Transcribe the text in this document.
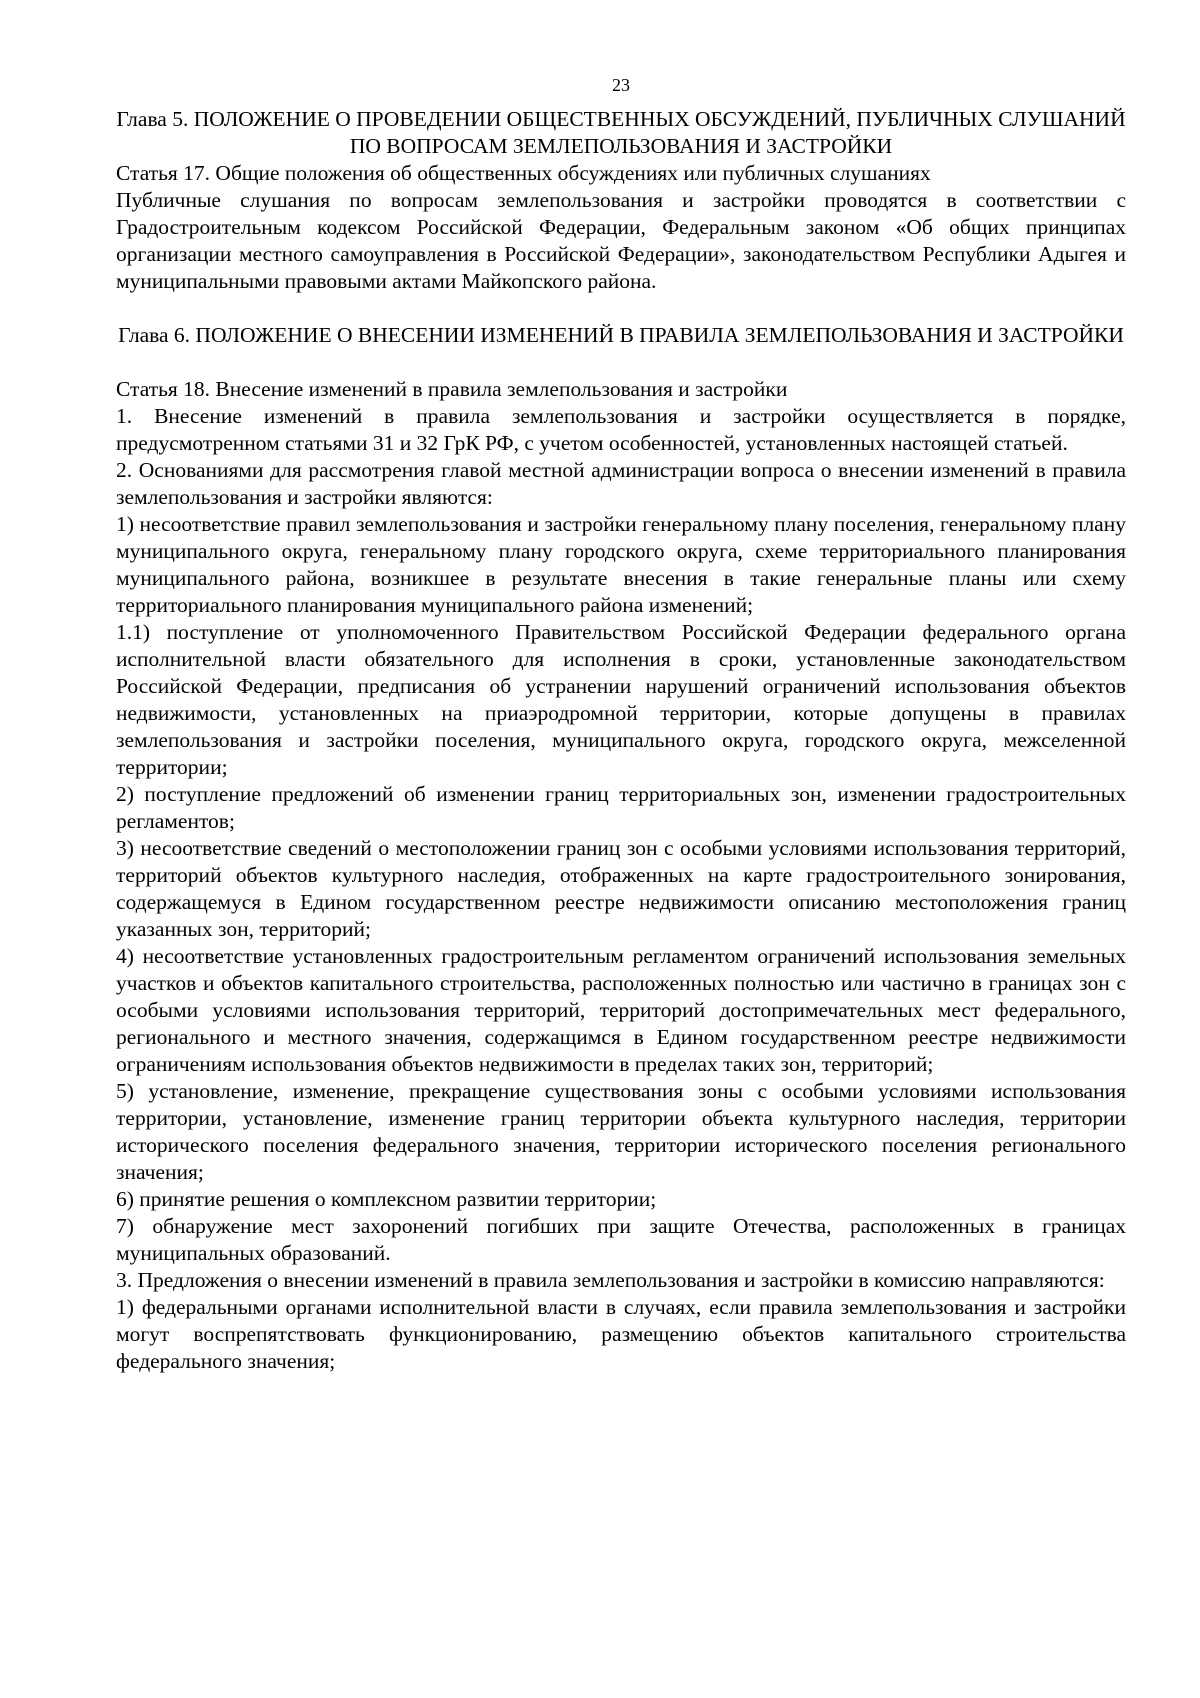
23
Глава 5. ПОЛОЖЕНИЕ О ПРОВЕДЕНИИ ОБЩЕСТВЕННЫХ ОБСУЖДЕНИЙ, ПУБЛИЧНЫХ СЛУШАНИЙ ПО ВОПРОСАМ ЗЕМЛЕПОЛЬЗОВАНИЯ И ЗАСТРОЙКИ
Статья 17. Общие положения об общественных обсуждениях или публичных слушаниях
Публичные слушания по вопросам землепользования и застройки проводятся в соответствии с Градостроительным кодексом Российской Федерации, Федеральным законом «Об общих принципах организации местного самоуправления в Российской Федерации», законодательством Республики Адыгея и муниципальными правовыми актами Майкопского района.
Глава 6. ПОЛОЖЕНИЕ О ВНЕСЕНИИ ИЗМЕНЕНИЙ В ПРАВИЛА ЗЕМЛЕПОЛЬЗОВАНИЯ И ЗАСТРОЙКИ
Статья 18. Внесение изменений в правила землепользования и застройки
1. Внесение изменений в правила землепользования и застройки осуществляется в порядке, предусмотренном статьями 31 и 32 ГрК РФ, с учетом особенностей, установленных настоящей статьей.
2. Основаниями для рассмотрения главой местной администрации вопроса о внесении изменений в правила землепользования и застройки являются:
1) несоответствие правил землепользования и застройки генеральному плану поселения, генеральному плану муниципального округа, генеральному плану городского округа, схеме территориального планирования муниципального района, возникшее в результате внесения в такие генеральные планы или схему территориального планирования муниципального района изменений;
1.1) поступление от уполномоченного Правительством Российской Федерации федерального органа исполнительной власти обязательного для исполнения в сроки, установленные законодательством Российской Федерации, предписания об устранении нарушений ограничений использования объектов недвижимости, установленных на приаэродромной территории, которые допущены в правилах землепользования и застройки поселения, муниципального округа, городского округа, межселенной территории;
2) поступление предложений об изменении границ территориальных зон, изменении градостроительных регламентов;
3) несоответствие сведений о местоположении границ зон с особыми условиями использования территорий, территорий объектов культурного наследия, отображенных на карте градостроительного зонирования, содержащемуся в Едином государственном реестре недвижимости описанию местоположения границ указанных зон, территорий;
4) несоответствие установленных градостроительным регламентом ограничений использования земельных участков и объектов капитального строительства, расположенных полностью или частично в границах зон с особыми условиями использования территорий, территорий достопримечательных мест федерального, регионального и местного значения, содержащимся в Едином государственном реестре недвижимости ограничениям использования объектов недвижимости в пределах таких зон, территорий;
5) установление, изменение, прекращение существования зоны с особыми условиями использования территории, установление, изменение границ территории объекта культурного наследия, территории исторического поселения федерального значения, территории исторического поселения регионального значения;
6) принятие решения о комплексном развитии территории;
7) обнаружение мест захоронений погибших при защите Отечества, расположенных в границах муниципальных образований.
3. Предложения о внесении изменений в правила землепользования и застройки в комиссию направляются:
1) федеральными органами исполнительной власти в случаях, если правила землепользования и застройки могут воспрепятствовать функционированию, размещению объектов капитального строительства федерального значения;
